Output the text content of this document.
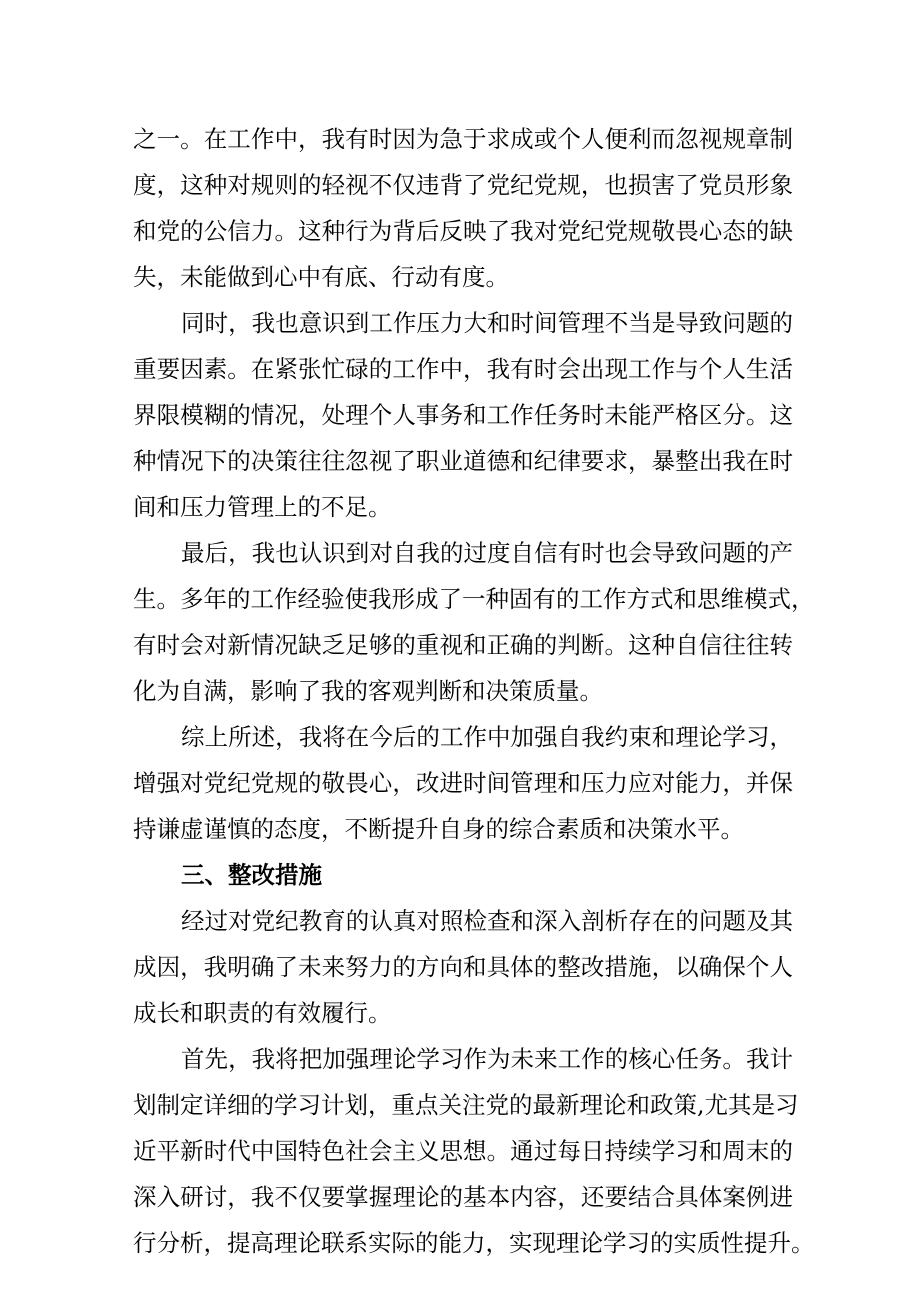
之一。在工作中，我有时因为急于求成或个人便利而忽视规章制
度，这种对规则的轻视不仅违背了党纪党规，也损害了党员形象
和党的公信力。这种行为背后反映了我对党纪党规敬畏心态的缺
失，未能做到心中有底、行动有度。
同时，我也意识到工作压力大和时间管理不当是导致问题的
重要因素。在紧张忙碌的工作中，我有时会出现工作与个人生活
界限模糊的情况，处理个人事务和工作任务时未能严格区分。这
种情况下的决策往往忽视了职业道德和纪律要求，暴整出我在时
间和压力管理上的不足。
最后，我也认识到对自我的过度自信有时也会导致问题的产
生。多年的工作经验使我形成了一种固有的工作方式和思维模式，
有时会对新情况缺乏足够的重视和正确的判断。这种自信往往转
化为自满，影响了我的客观判断和决策质量。
综上所述，我将在今后的工作中加强自我约束和理论学习，
增强对党纪党规的敬畏心，改进时间管理和压力应对能力，并保
持谦虚谨慎的态度，不断提升自身的综合素质和决策水平。
三、整改措施
经过对党纪教育的认真对照检查和深入剖析存在的问题及其
成因，我明确了未来努力的方向和具体的整改措施，以确保个人
成长和职责的有效履行。
首先，我将把加强理论学习作为未来工作的核心任务。我计
划制定详细的学习计划，重点关注党的最新理论和政策,尤其是习
近平新时代中国特色社会主义思想。通过每日持续学习和周末的
深入研讨，我不仅要掌握理论的基本内容，还要结合具体案例进
行分析，提高理论联系实际的能力，实现理论学习的实质性提升。
